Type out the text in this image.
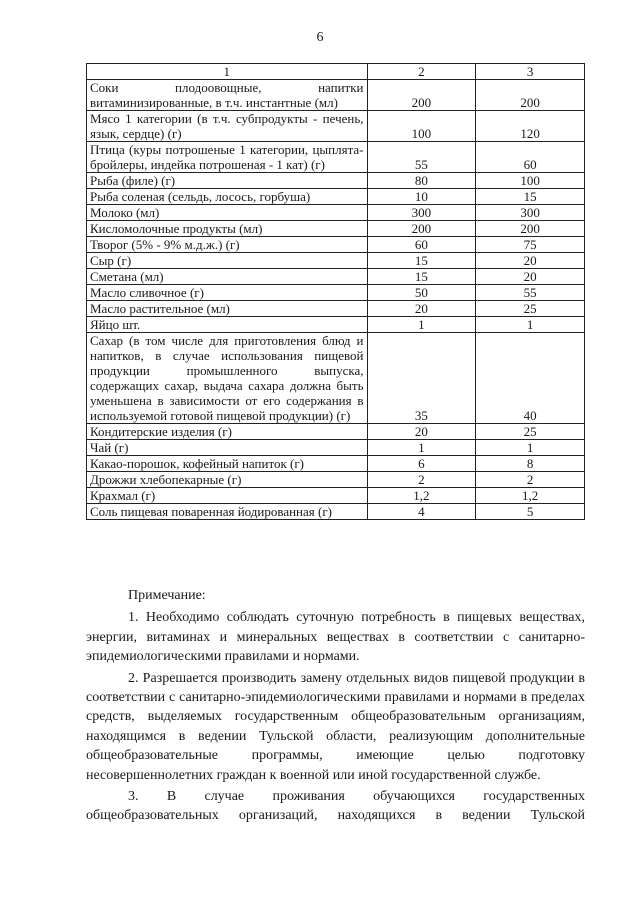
6
1	2	3
Соки плодоовощные, напитки витаминизированные, в т.ч. инстантные (мл)	200	200
Мясо 1 категории (в т.ч. субпродукты - печень, язык, сердце) (г)	100	120
Птица (куры потрошеные 1 категории, цыплята-бройлеры, индейка потрошеная - 1 кат) (г)	55	60
Рыба (филе) (г)	80	100
Рыба соленая (сельдь, лосось, горбуша)	10	15
Молоко (мл)	300	300
Кисломолочные продукты (мл)	200	200
Творог (5% - 9% м.д.ж.) (г)	60	75
Сыр (г)	15	20
Сметана (мл)	15	20
Масло сливочное (г)	50	55
Масло растительное (мл)	20	25
Яйцо шт.	1	1
Сахар (в том числе для приготовления блюд и напитков, в случае использования пищевой продукции промышленного выпуска, содержащих сахар, выдача сахара должна быть уменьшена в зависимости от его содержания в используемой готовой пищевой продукции) (г)	35	40
Кондитерские изделия (г)	20	25
Чай (г)	1	1
Какао-порошок, кофейный напиток (г)	6	8
Дрожжи хлебопекарные (г)	2	2
Крахмал (г)	1,2	1,2
Соль пищевая поваренная йодированная (г)	4	5

Примечание:

1. Необходимо соблюдать суточную потребность в пищевых веществах, энергии, витаминах и минеральных веществах в соответствии с санитарно-эпидемиологическими правилами и нормами.

2. Разрешается производить замену отдельных видов пищевой продукции в соответствии с санитарно-эпидемиологическими правилами и нормами в пределах средств, выделяемых государственным общеобразовательным организациям, находящимся в ведении Тульской области, реализующим дополнительные общеобразовательные программы, имеющие целью подготовку несовершеннолетних граждан к военной или иной государственной службе.

3. В случае проживания обучающихся государственных общеобразовательных организаций, находящихся в ведении Тульской
